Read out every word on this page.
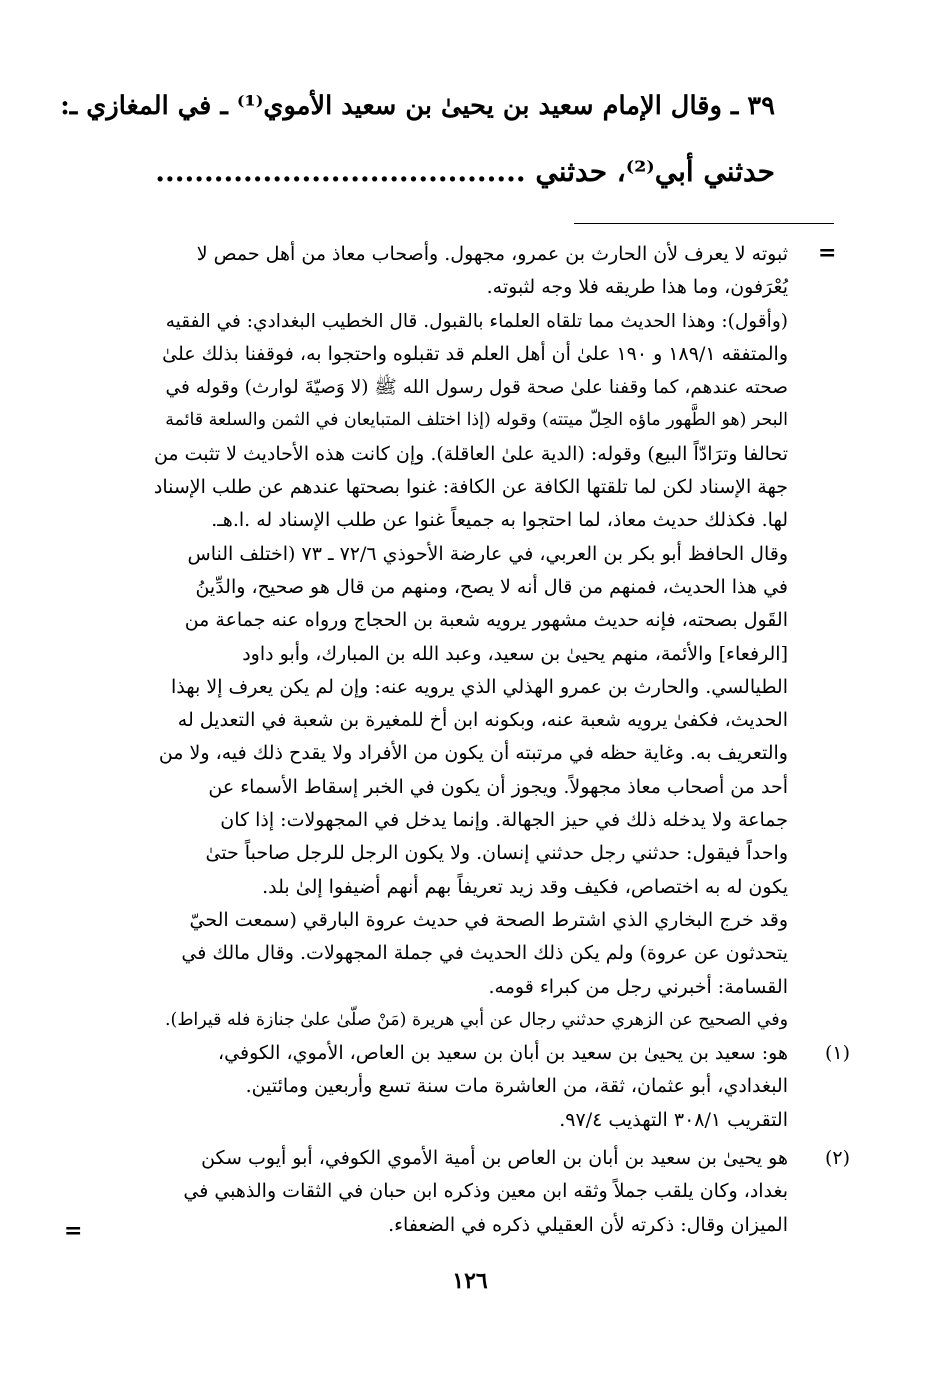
٣٩ ـ وقال الإمام سعيد بن يحيىٰ بن سعيد الأموي⁽¹⁾ ـ في المغازي ـ:
حدثني أبي⁽²⁾، حدثني ......................................
=
ثبوته لا يعرف لأن الحارث بن عمرو، مجهول. وأصحاب معاذ من أهل حمص لا
يُعْرَفون، وما هذا طريقه فلا وجه لثبوته.
(وأقول): وهذا الحديث مما تلقاه العلماء بالقبول. قال الخطيب البغدادي: في الفقيه
والمتفقه ١٨٩/١ و ١٩٠ علىٰ أن أهل العلم قد تقبلوه واحتجوا به، فوقفنا بذلك علىٰ
صحته عندهم، كما وقفنا علىٰ صحة قول رسول الله ﷺ (لا وَصيّةَ لوارث) وقوله في
البحر (هو الطَّهور ماؤه الحِلّ ميتته) وقوله (إذا اختلف المتبايعان في الثمن والسلعة قائمة
تحالفا وترَادّاً البيع) وقوله: (الدية علىٰ العاقلة). وإن كانت هذه الأحاديث لا تثبت من
جهة الإسناد لكن لما تلقتها الكافة عن الكافة: غنوا بصحتها عندهم عن طلب الإسناد
لها. فكذلك حديث معاذ، لما احتجوا به جميعاً غنوا عن طلب الإسناد له .ا.هـ.
وقال الحافظ أبو بكر بن العربي، في عارضة الأحوذي ٧٢/٦ ـ ٧٣ (اختلف الناس
في هذا الحديث، فمنهم من قال أنه لا يصح، ومنهم من قال هو صحيح، والدِّينُ
القَول بصحته، فإنه حديث مشهور يرويه شعبة بن الحجاج ورواه عنه جماعة من
[الرفعاء] والأئمة، منهم يحيىٰ بن سعيد، وعبد الله بن المبارك، وأبو داود
الطيالسي. والحارث بن عمرو الهذلي الذي يرويه عنه: وإن لم يكن يعرف إلا بهذا
الحديث، فكفىٰ يرويه شعبة عنه، وبكونه ابن أخ للمغيرة بن شعبة في التعديل له
والتعريف به. وغاية حظه في مرتبته أن يكون من الأفراد ولا يقدح ذلك فيه، ولا من
أحد من أصحاب معاذ مجهولاً. ويجوز أن يكون في الخبر إسقاط الأسماء عن
جماعة ولا يدخله ذلك في حيز الجهالة. وإنما يدخل في المجهولات: إذا كان
واحداً فيقول: حدثني رجل حدثني إنسان. ولا يكون الرجل للرجل صاحباً حتىٰ
يكون له به اختصاص، فكيف وقد زيد تعريفاً بهم أنهم أضيفوا إلىٰ بلد.
وقد خرج البخاري الذي اشترط الصحة في حديث عروة البارقي (سمعت الحيّ
يتحدثون عن عروة) ولم يكن ذلك الحديث في جملة المجهولات. وقال مالك في
القسامة: أخبرني رجل من كبراء قومه.
وفي الصحيح عن الزهري حدثني رجال عن أبي هريرة (مَنْ صلّىٰ علىٰ جنازة فله قيراط).
(١)
هو: سعيد بن يحيىٰ بن سعيد بن أبان بن سعيد بن العاص، الأموي، الكوفي،
البغدادي، أبو عثمان، ثقة، من العاشرة مات سنة تسع وأربعين ومائتين.
التقريب ٣٠٨/١ التهذيب ٩٧/٤.
(٢)
هو يحيىٰ بن سعيد بن أبان بن العاص بن أمية الأموي الكوفي، أبو أيوب سكن
بغداد، وكان يلقب جملاً وثقه ابن معين وذكره ابن حبان في الثقات والذهبي في
الميزان وقال: ذكرته لأن العقيلي ذكره في الضعفاء.
=
١٢٦
